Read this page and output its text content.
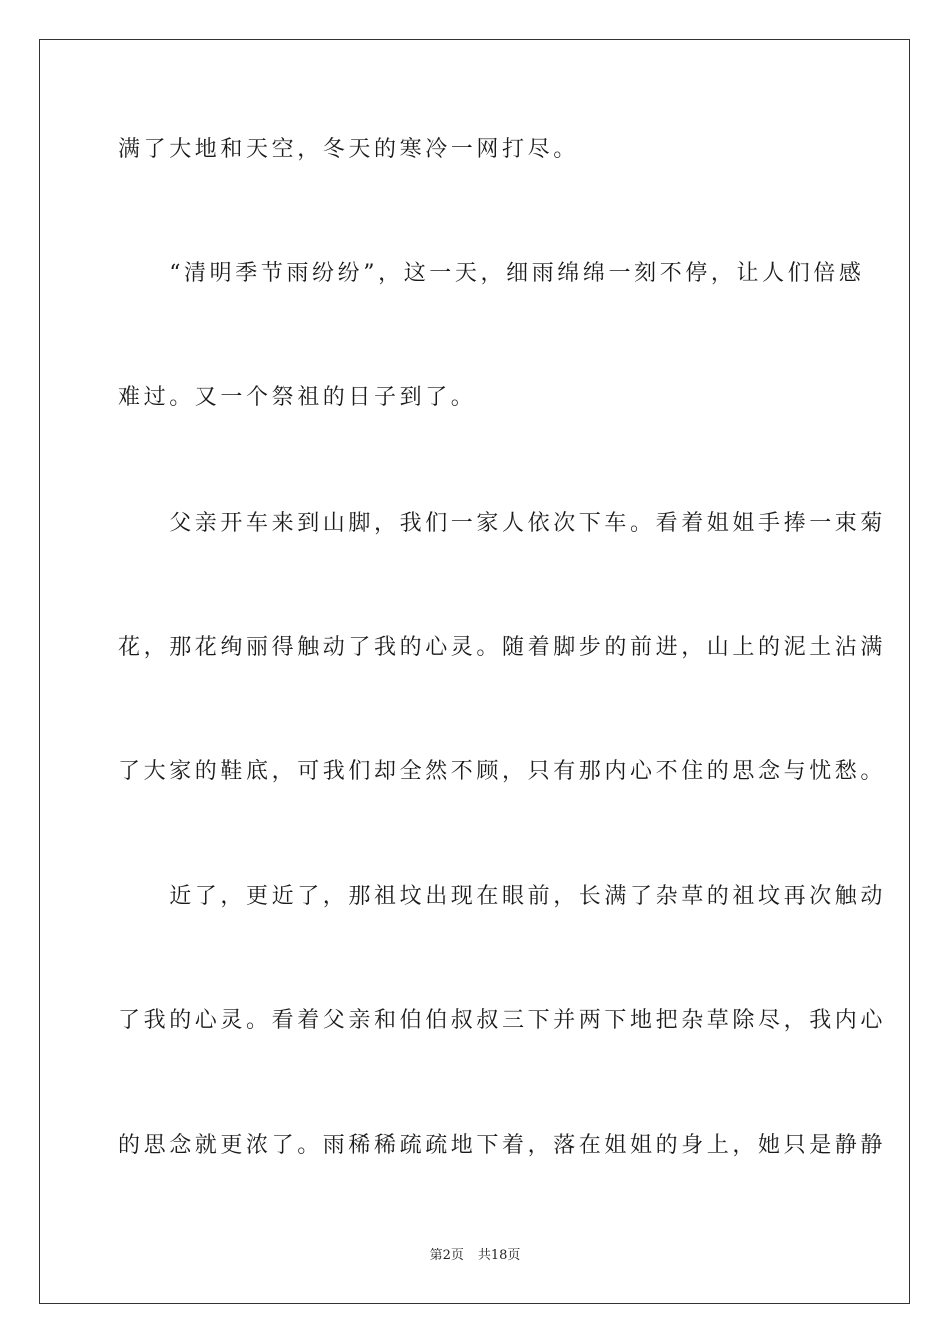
满了大地和天空，冬天的寒冷一网打尽。
　　“清明季节雨纷纷”，这一天，细雨绵绵一刻不停，让人们倍感
难过。又一个祭祖的日子到了。
　　父亲开车来到山脚，我们一家人依次下车。看着姐姐手捧一束菊
花，那花绚丽得触动了我的心灵。随着脚步的前进，山上的泥土沾满
了大家的鞋底，可我们却全然不顾，只有那内心不住的思念与忧愁。
　　近了，更近了，那祖坟出现在眼前，长满了杂草的祖坟再次触动
了我的心灵。看着父亲和伯伯叔叔三下并两下地把杂草除尽，我内心
的思念就更浓了。雨稀稀疏疏地下着，落在姐姐的身上，她只是静静
第2页 共18页
